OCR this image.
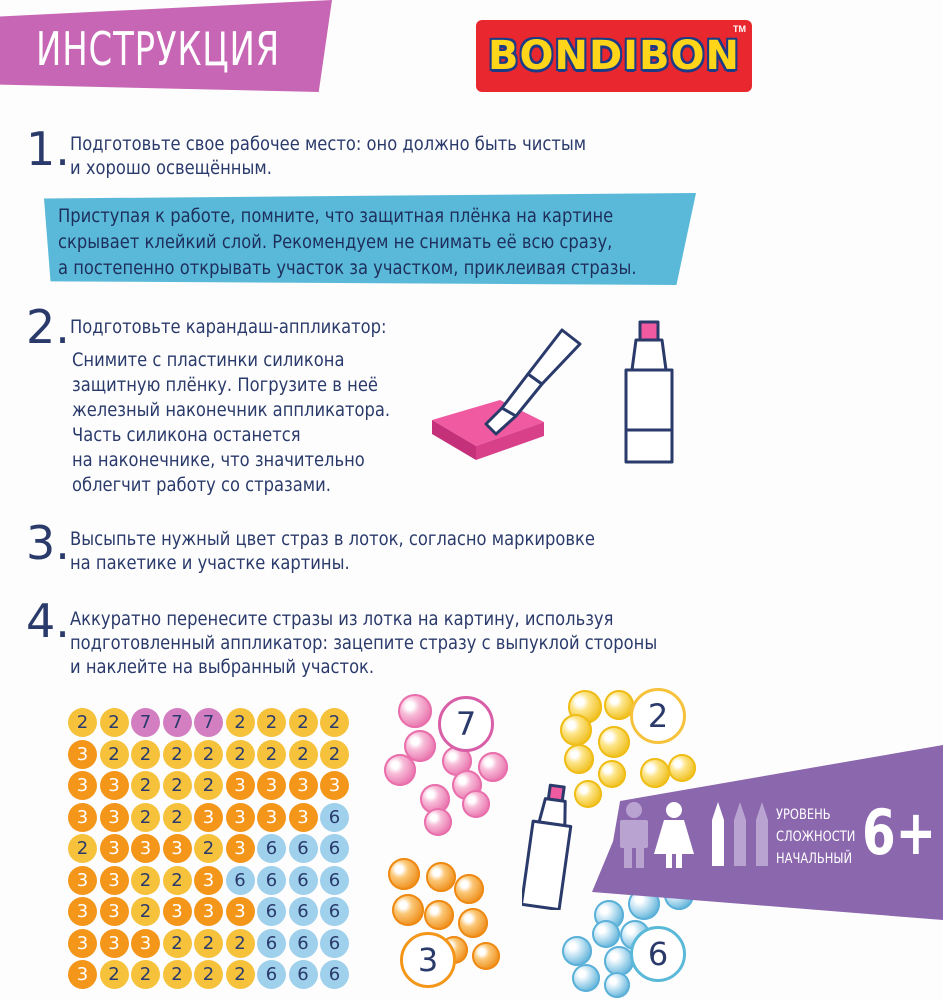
ИНСТРУКЦИЯ	BONDIBON
TM
1. Подготовьте свое рабочее место: оно должно быть чистым
и хорошо освещённым.
Приступая к работе, помните, что защитная плёнка на картине
скрывает клейкий слой. Рекомендуем не снимать её всю сразу,
а постепенно открывать участок за участком, приклеивая стразы.
2. Подготовьте карандаш-аппликатор:
Снимите с пластинки силикона
защитную плёнку. Погрузите в неё
железный наконечник аппликатора.
Часть силикона останется
на наконечнике, что значительно
облегчит работу со стразами.
3. Высыпьте нужный цвет страз в лоток, согласно маркировке
на пакетике и участке картины.
4. Аккуратно перенесите стразы из лотка на картину, используя
подготовленный аппликатор: зацепите стразу с выпуклой стороны
и наклейте на выбранный участок.
2	2	7	7	7	2	2	2	2
3	2	2	2	2	2	2	2	2
3	3	2	2	2	3	3	3	3
3	3	2	2	3	3	3	3	6
2	3	3	3	2	3	6	6	6
3	3	2	2	3	6	6	6	6
3	3	2	3	3	3	6	6	6
3	3	3	2	2	2	6	6	6
3	2	2	2	2	2	6	6	6
7	2
3	6
УРОВЕНЬ
СЛОЖНОСТИ
НАЧАЛЬНЫЙ 6+
